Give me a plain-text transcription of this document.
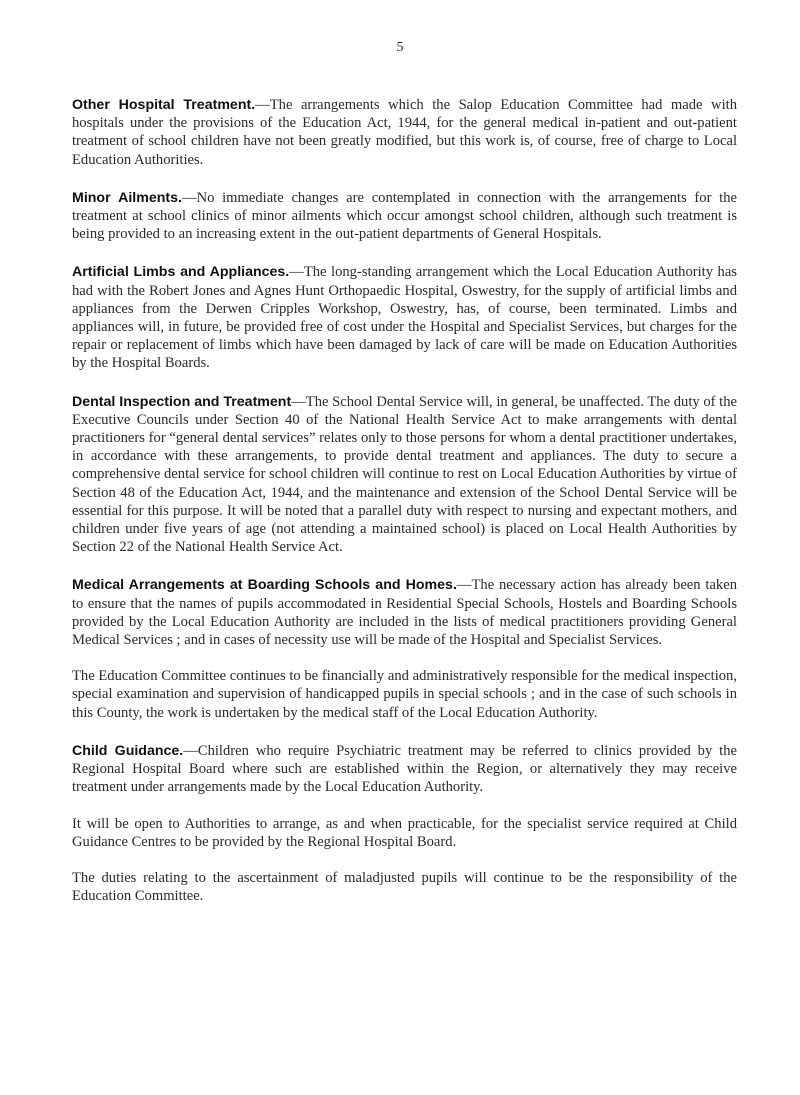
5

Other Hospital Treatment.—The arrangements which the Salop Education Committee had made with hospitals under the provisions of the Education Act, 1944, for the general medical in-patient and out-patient treatment of school children have not been greatly modified, but this work is, of course, free of charge to Local Education Authorities.

Minor Ailments.—No immediate changes are contemplated in connection with the arrangements for the treatment at school clinics of minor ailments which occur amongst school children, although such treatment is being provided to an increasing extent in the out-patient departments of General Hospitals.

Artificial Limbs and Appliances.—The long-standing arrangement which the Local Education Authority has had with the Robert Jones and Agnes Hunt Orthopaedic Hospital, Oswestry, for the supply of artificial limbs and appliances from the Derwen Cripples Workshop, Oswestry, has, of course, been terminated. Limbs and appliances will, in future, be provided free of cost under the Hospital and Specialist Services, but charges for the repair or replacement of limbs which have been damaged by lack of care will be made on Education Authorities by the Hospital Boards.

Dental Inspection and Treatment—The School Dental Service will, in general, be unaffected. The duty of the Executive Councils under Section 40 of the National Health Service Act to make arrangements with dental practitioners for “general dental services” relates only to those persons for whom a dental practitioner undertakes, in accordance with these arrangements, to provide dental treatment and appliances. The duty to secure a comprehensive dental service for school children will continue to rest on Local Education Authorities by virtue of Section 48 of the Education Act, 1944, and the maintenance and extension of the School Dental Service will be essential for this purpose. It will be noted that a parallel duty with respect to nursing and expectant mothers, and children under five years of age (not attending a maintained school) is placed on Local Health Authorities by Section 22 of the National Health Service Act.

Medical Arrangements at Boarding Schools and Homes.—The necessary action has already been taken to ensure that the names of pupils accommodated in Residential Special Schools, Hostels and Boarding Schools provided by the Local Education Authority are included in the lists of medical practitioners providing General Medical Services ; and in cases of necessity use will be made of the Hospital and Specialist Services.

The Education Committee continues to be financially and administratively responsible for the medical inspection, special examination and supervision of handicapped pupils in special schools ; and in the case of such schools in this County, the work is undertaken by the medical staff of the Local Education Authority.

Child Guidance.—Children who require Psychiatric treatment may be referred to clinics provided by the Regional Hospital Board where such are established within the Region, or alternatively they may receive treatment under arrangements made by the Local Education Authority.

It will be open to Authorities to arrange, as and when practicable, for the specialist service required at Child Guidance Centres to be provided by the Regional Hospital Board.

The duties relating to the ascertainment of maladjusted pupils will continue to be the responsibility of the Education Committee.
